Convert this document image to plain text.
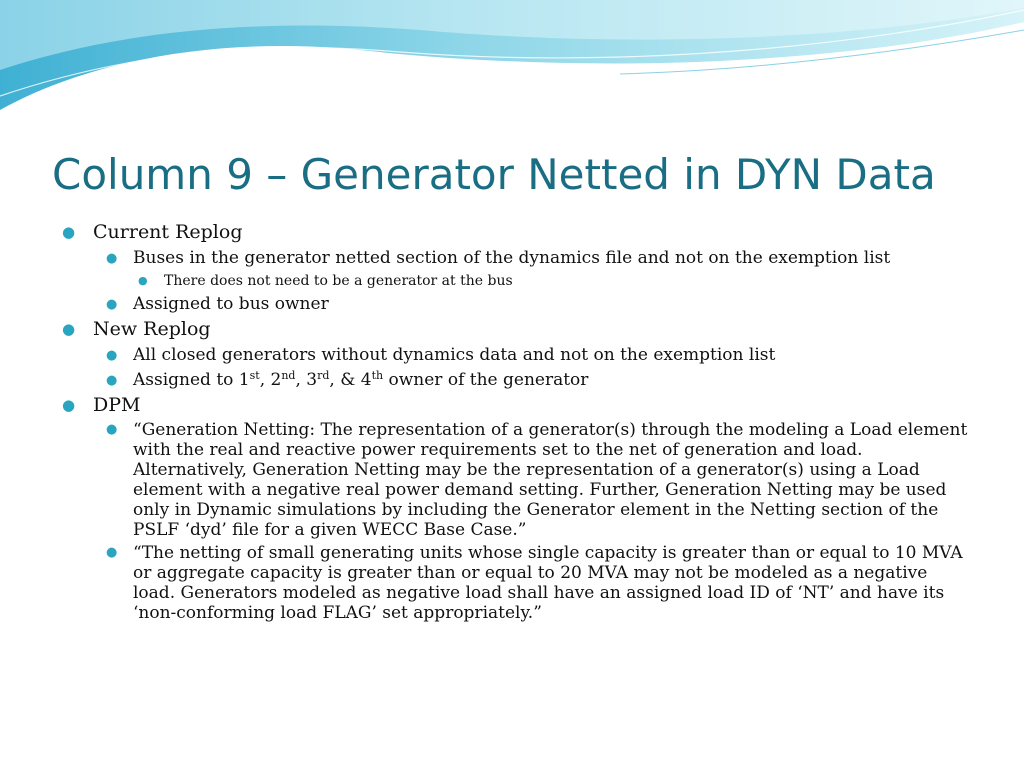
Column 9 – Generator Netted in DYN Data
● Current Replog
● Buses in the generator netted section of the dynamics file and not on the exemption list
● There does not need to be a generator at the bus
● Assigned to bus owner
● New Replog
● All closed generators without dynamics data and not on the exemption list
● Assigned to 1st, 2nd, 3rd, & 4th owner of the generator
● DPM
● “Generation Netting: The representation of a generator(s) through the modeling a Load element with the real and reactive power requirements set to the net of generation and load. Alternatively, Generation Netting may be the representation of a generator(s) using a Load element with a negative real power demand setting. Further, Generation Netting may be used only in Dynamic simulations by including the Generator element in the Netting section of the PSLF ‘dyd’ file for a given WECC Base Case.”
● “The netting of small generating units whose single capacity is greater than or equal to 10 MVA or aggregate capacity is greater than or equal to 20 MVA may not be modeled as a negative load. Generators modeled as negative load shall have an assigned load ID of ‘NT’ and have its ‘non-conforming load FLAG’ set appropriately.”
